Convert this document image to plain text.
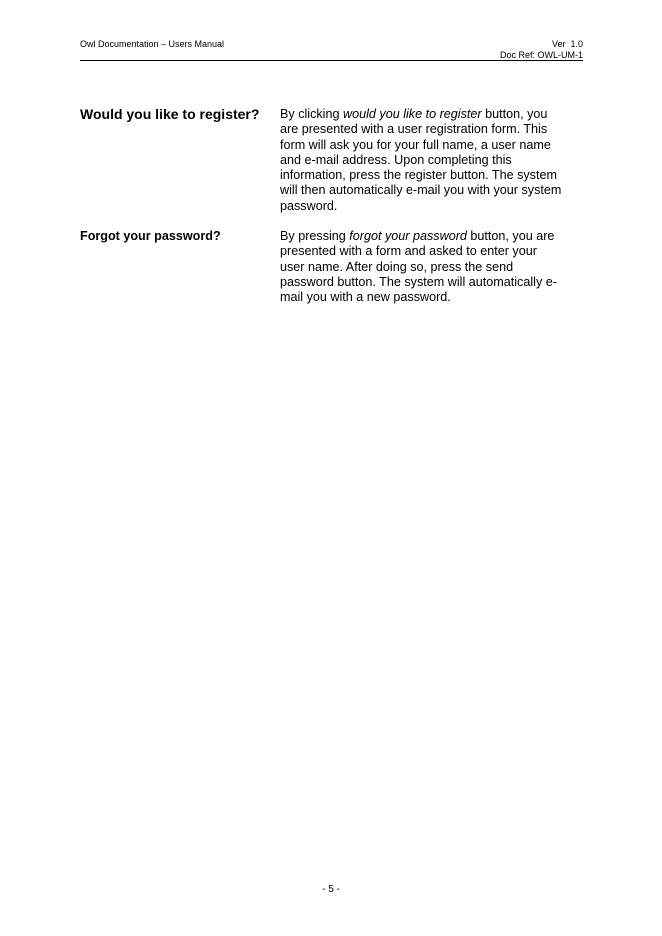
Owl Documentation – Users Manual	Ver  1.0
Doc Ref: OWL-UM-1
Would you like to register?	By clicking would you like to register button, you
are presented with a user registration form. This
form will ask you for your full name, a user name
and e-mail address. Upon completing this
information, press the register button. The system
will then automatically e-mail you with your system
password.
Forgot your password?	By pressing forgot your password button, you are
presented with a form and asked to enter your
user name. After doing so, press the send
password button. The system will automatically e-
mail you with a new password.
- 5 -
